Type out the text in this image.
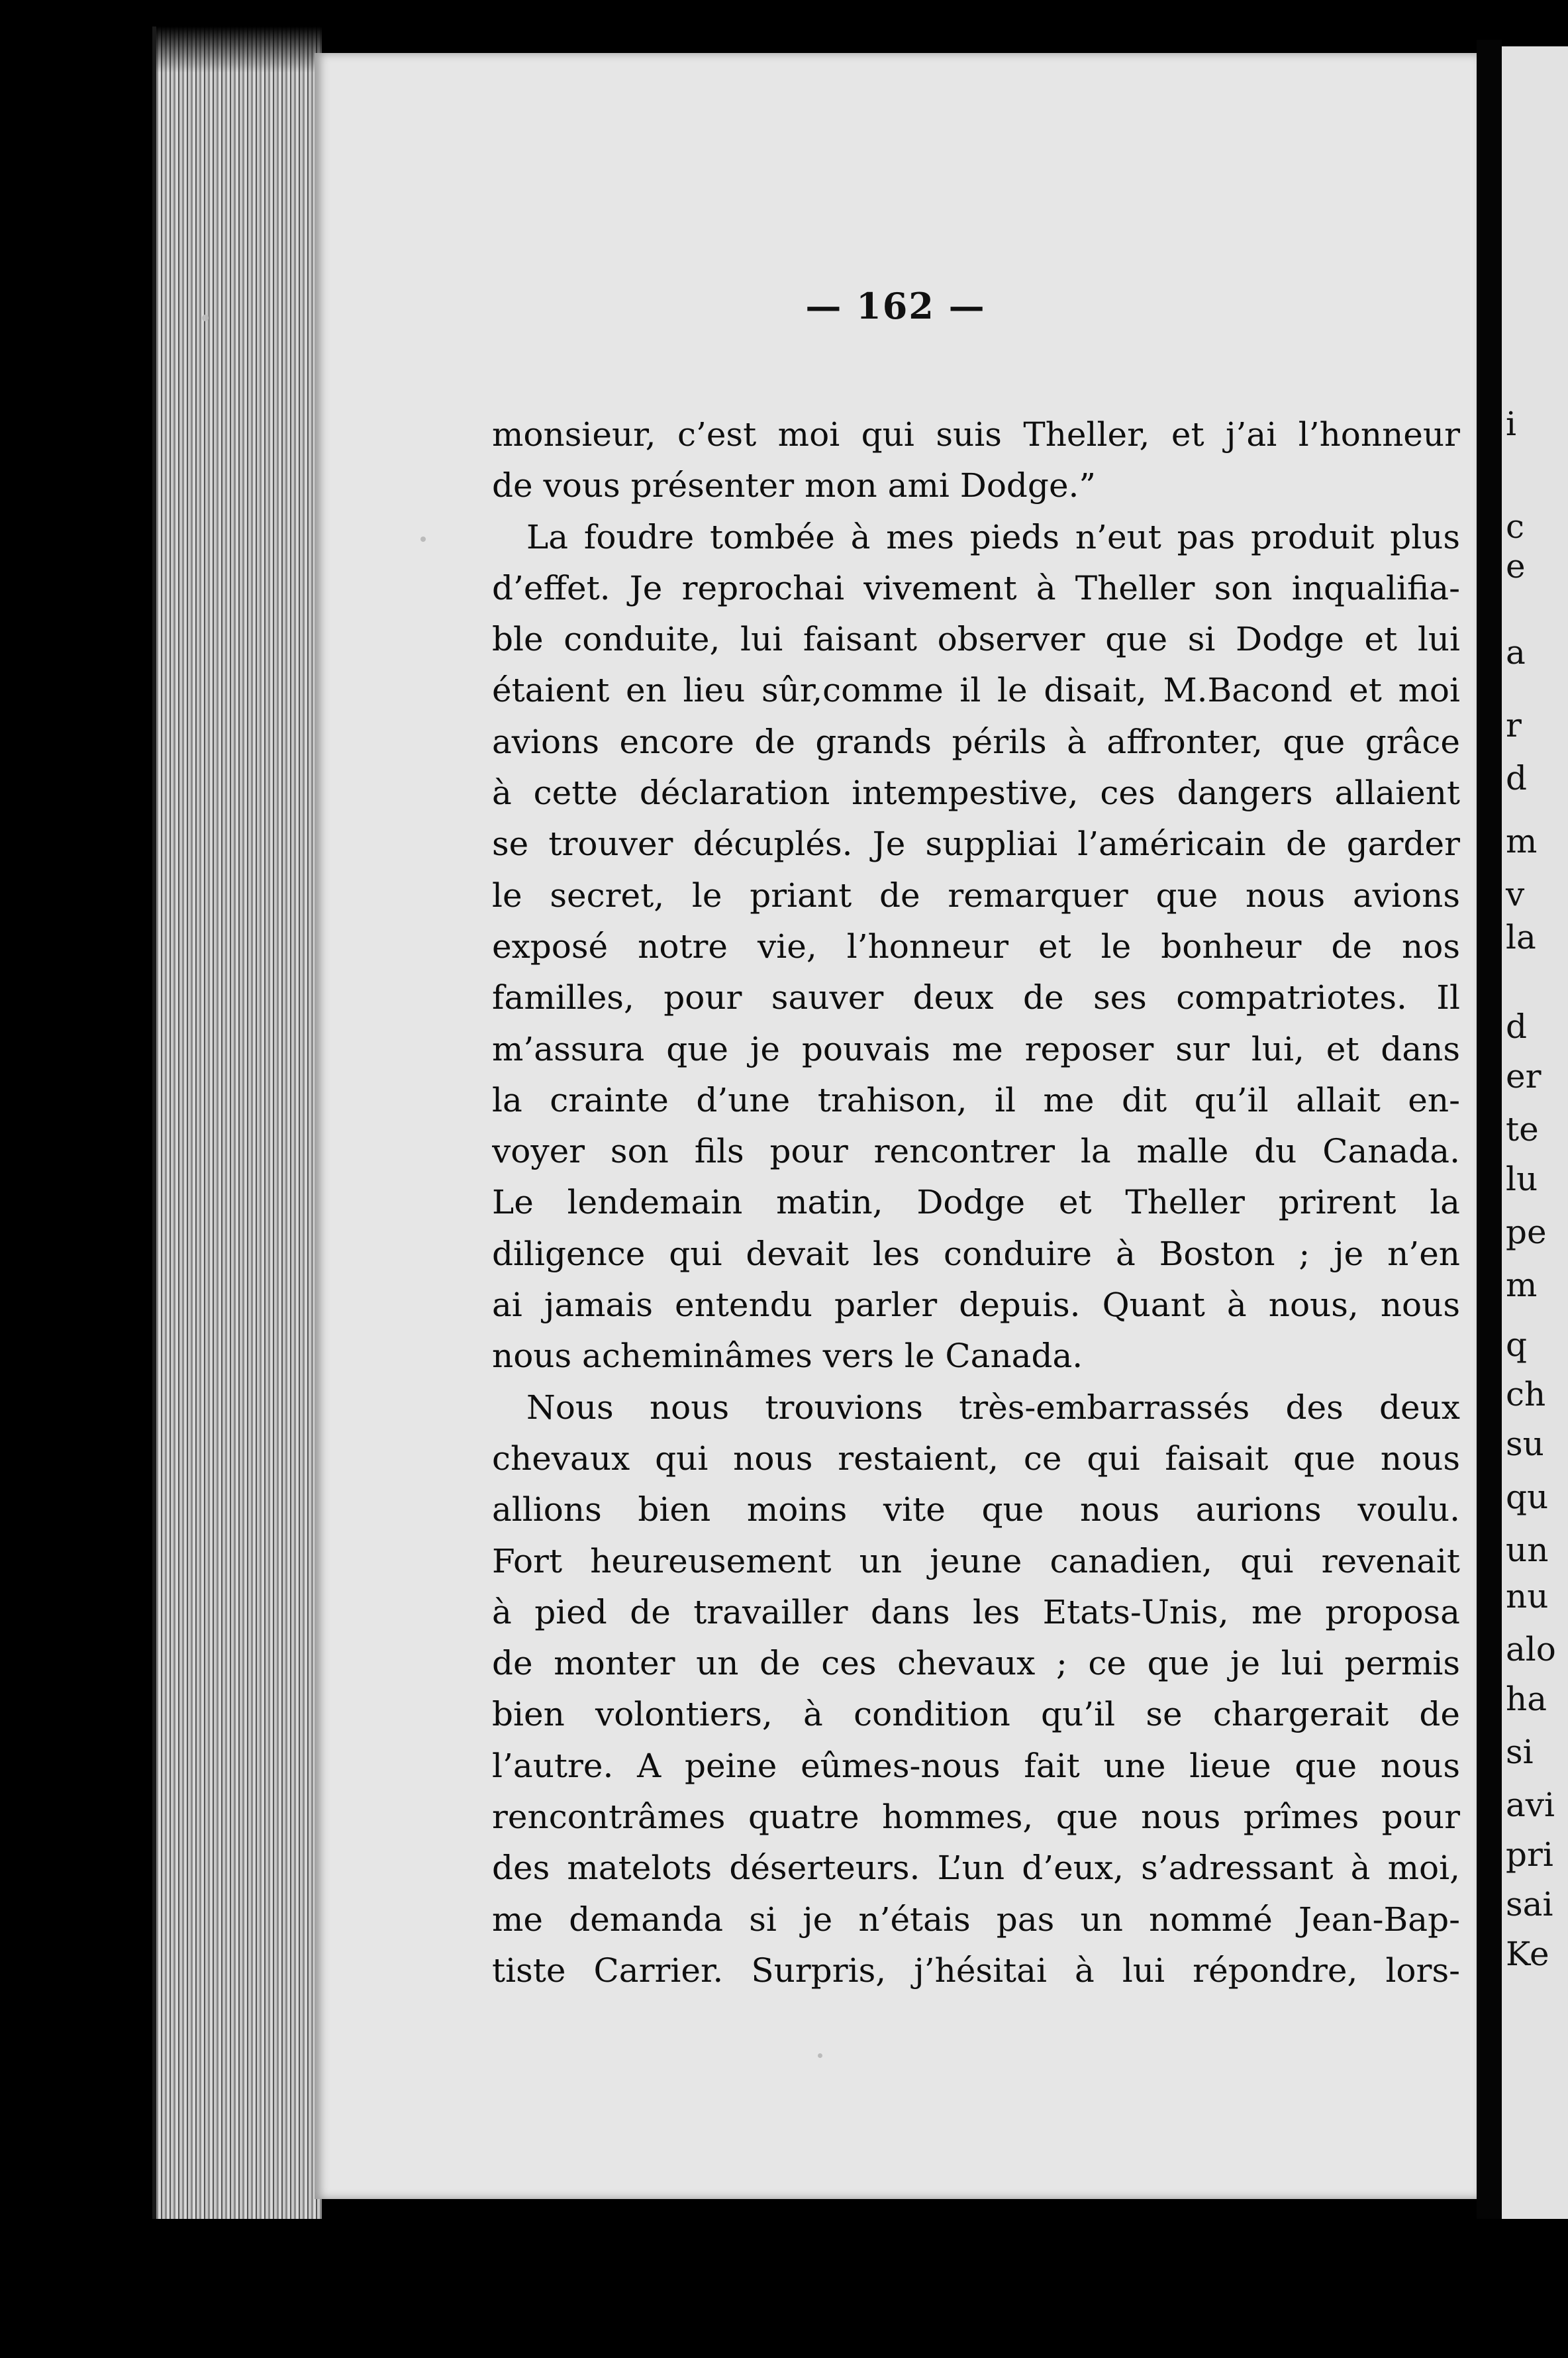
— 162 —
monsieur, c’est moi qui suis Theller, et j’ai l’honneur
de vous présenter mon ami Dodge.”
La foudre tombée à mes pieds n’eut pas produit plus
d’effet. Je reprochai vivement à Theller son inqualifia-
ble conduite, lui faisant observer que si Dodge et lui
étaient en lieu sûr,comme il le disait, M.Bacond et moi
avions encore de grands périls à affronter, que grâce
à cette déclaration intempestive, ces dangers allaient
se trouver décuplés. Je suppliai l’américain de garder
le secret, le priant de remarquer que nous avions
exposé notre vie, l’honneur et le bonheur de nos
familles, pour sauver deux de ses compatriotes. Il
m’assura que je pouvais me reposer sur lui, et dans
la crainte d’une trahison, il me dit qu’il allait en-
voyer son fils pour rencontrer la malle du Canada.
Le lendemain matin, Dodge et Theller prirent la
diligence qui devait les conduire à Boston ; je n’en
ai jamais entendu parler depuis. Quant à nous, nous
nous acheminâmes vers le Canada.
Nous nous trouvions très-embarrassés des deux
chevaux qui nous restaient, ce qui faisait que nous
allions bien moins vite que nous aurions voulu.
Fort heureusement un jeune canadien, qui revenait
à pied de travailler dans les Etats-Unis, me proposa
de monter un de ces chevaux ; ce que je lui permis
bien volontiers, à condition qu’il se chargerait de
l’autre. A peine eûmes-nous fait une lieue que nous
rencontrâmes quatre hommes, que nous prîmes pour
des matelots déserteurs. L’un d’eux, s’adressant à moi,
me demanda si je n’étais pas un nommé Jean-Bap-
tiste Carrier. Surpris, j’hésitai à lui répondre, lors-
i
c
e
a
r
d
m
v
la
d
er
te
lu
pe
m
q
ch
su
qu
un
nu
alo
ha
si
avi
pri
sai
Ke
